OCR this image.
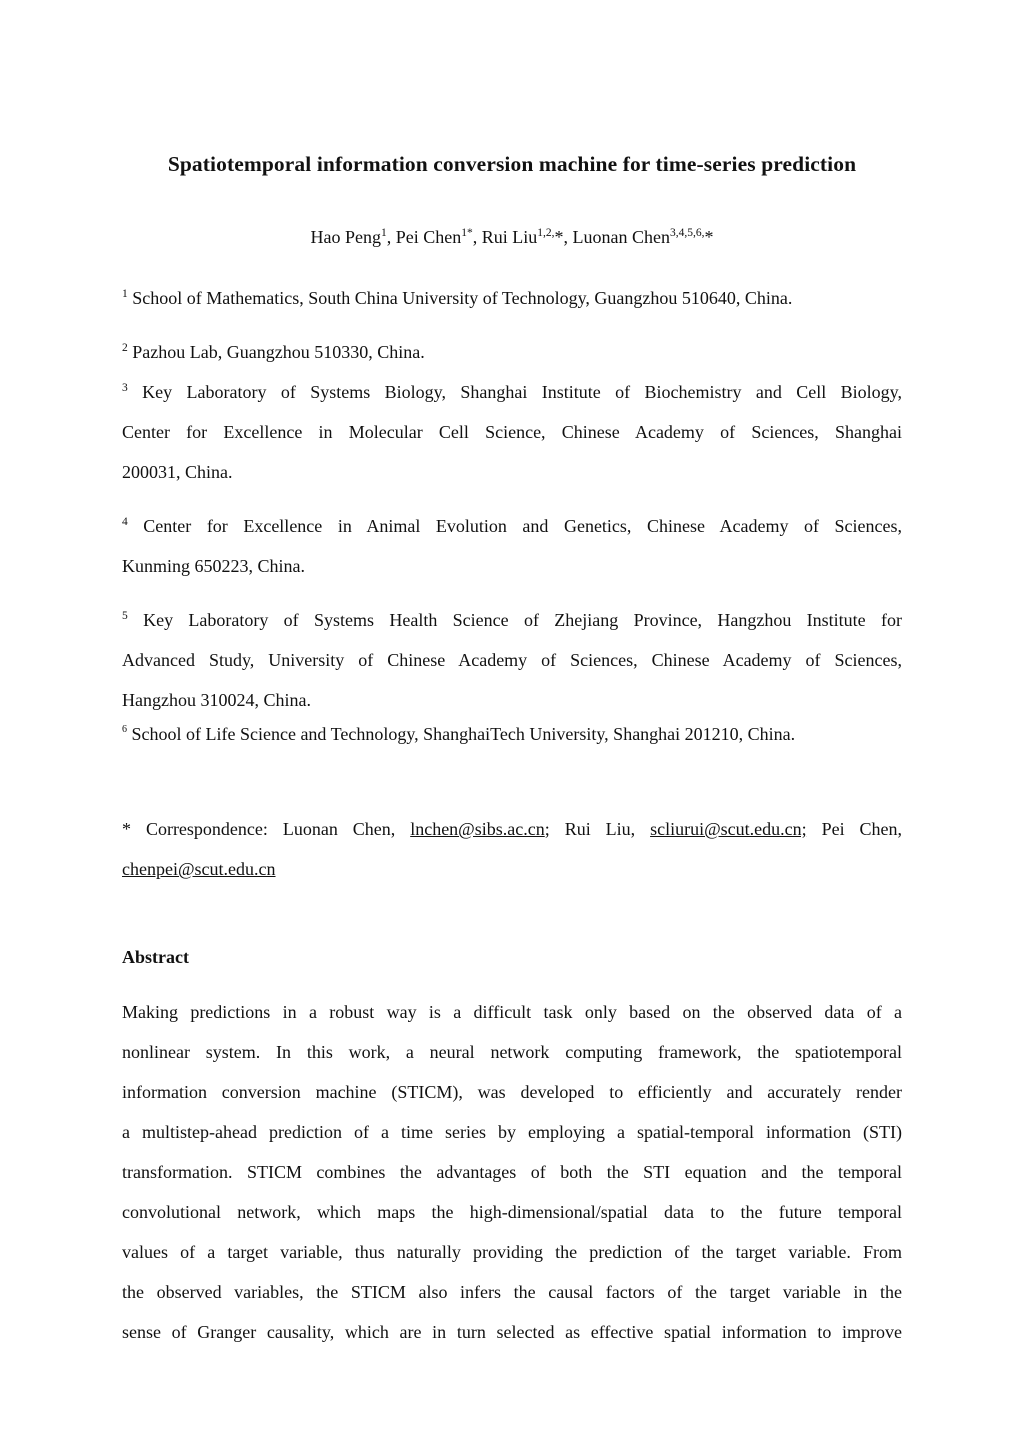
Spatiotemporal information conversion machine for time-series prediction
Hao Peng$^1$, Pei Chen$^{1*}$, Rui Liu$^{1,2,}$*, Luonan Chen$^{3,4,5,6,}$*
$^1$ School of Mathematics, South China University of Technology, Guangzhou 510640, China.
$^2$ Pazhou Lab, Guangzhou 510330, China.
$^3$ Key Laboratory of Systems Biology, Shanghai Institute of Biochemistry and Cell Biology,
Center for Excellence in Molecular Cell Science, Chinese Academy of Sciences, Shanghai
200031, China.
$^4$ Center for Excellence in Animal Evolution and Genetics, Chinese Academy of Sciences,
Kunming 650223, China.
$^5$ Key Laboratory of Systems Health Science of Zhejiang Province, Hangzhou Institute for
Advanced Study, University of Chinese Academy of Sciences, Chinese Academy of Sciences,
Hangzhou 310024, China.
$^6$ School of Life Science and Technology, ShanghaiTech University, Shanghai 201210, China.
* Correspondence: Luonan Chen, lnchen@sibs.ac.cn; Rui Liu, scliurui@scut.edu.cn; Pei Chen,
chenpei@scut.edu.cn
Abstract
Making predictions in a robust way is a difficult task only based on the observed data of a
nonlinear system. In this work, a neural network computing framework, the spatiotemporal
information conversion machine (STICM), was developed to efficiently and accurately render
a multistep-ahead prediction of a time series by employing a spatial-temporal information (STI)
transformation. STICM combines the advantages of both the STI equation and the temporal
convolutional network, which maps the high-dimensional/spatial data to the future temporal
values of a target variable, thus naturally providing the prediction of the target variable. From
the observed variables, the STICM also infers the causal factors of the target variable in the
sense of Granger causality, which are in turn selected as effective spatial information to improve
